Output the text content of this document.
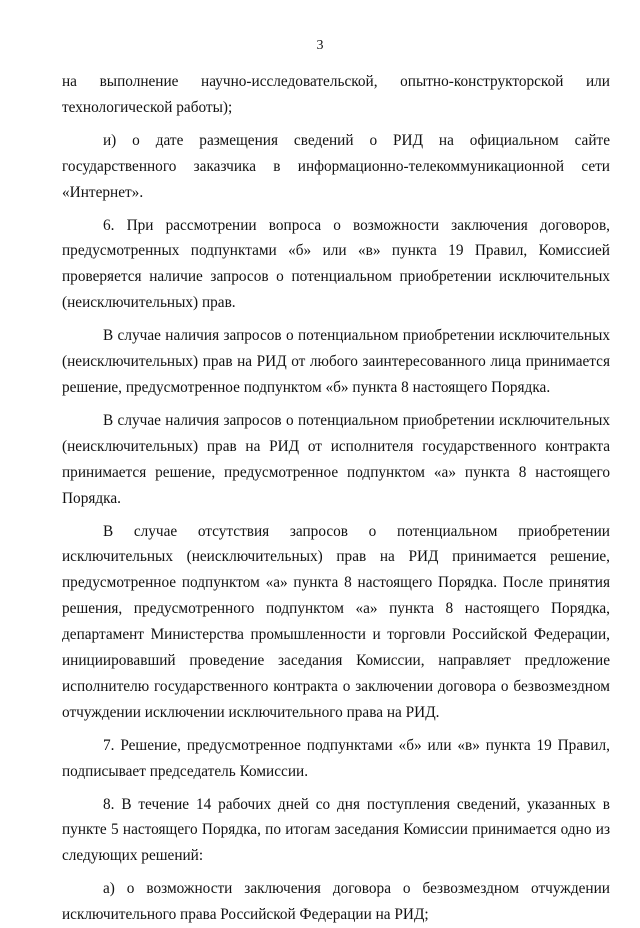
3

на выполнение научно-исследовательской, опытно-конструкторской или технологической работы);

и) о дате размещения сведений о РИД на официальном сайте государственного заказчика в информационно-телекоммуникационной сети «Интернет».

6. При рассмотрении вопроса о возможности заключения договоров, предусмотренных подпунктами «б» или «в» пункта 19 Правил, Комиссией проверяется наличие запросов о потенциальном приобретении исключительных (неисключительных) прав.

В случае наличия запросов о потенциальном приобретении исключительных (неисключительных) прав на РИД от любого заинтересованного лица принимается решение, предусмотренное подпунктом «б» пункта 8 настоящего Порядка.

В случае наличия запросов о потенциальном приобретении исключительных (неисключительных) прав на РИД от исполнителя государственного контракта принимается решение, предусмотренное подпунктом «а» пункта 8 настоящего Порядка.

В случае отсутствия запросов о потенциальном приобретении исключительных (неисключительных) прав на РИД принимается решение, предусмотренное подпунктом «а» пункта 8 настоящего Порядка. После принятия решения, предусмотренного подпунктом «а» пункта 8 настоящего Порядка, департамент Министерства промышленности и торговли Российской Федерации, инициировавший проведение заседания Комиссии, направляет предложение исполнителю государственного контракта о заключении договора о безвозмездном отчуждении исключении исключительного права на РИД.

7. Решение, предусмотренное подпунктами «б» или «в» пункта 19 Правил, подписывает председатель Комиссии.

8. В течение 14 рабочих дней со дня поступления сведений, указанных в пункте 5 настоящего Порядка, по итогам заседания Комиссии принимается одно из следующих решений:

а) о возможности заключения договора о безвозмездном отчуждении исключительного права Российской Федерации на РИД;
